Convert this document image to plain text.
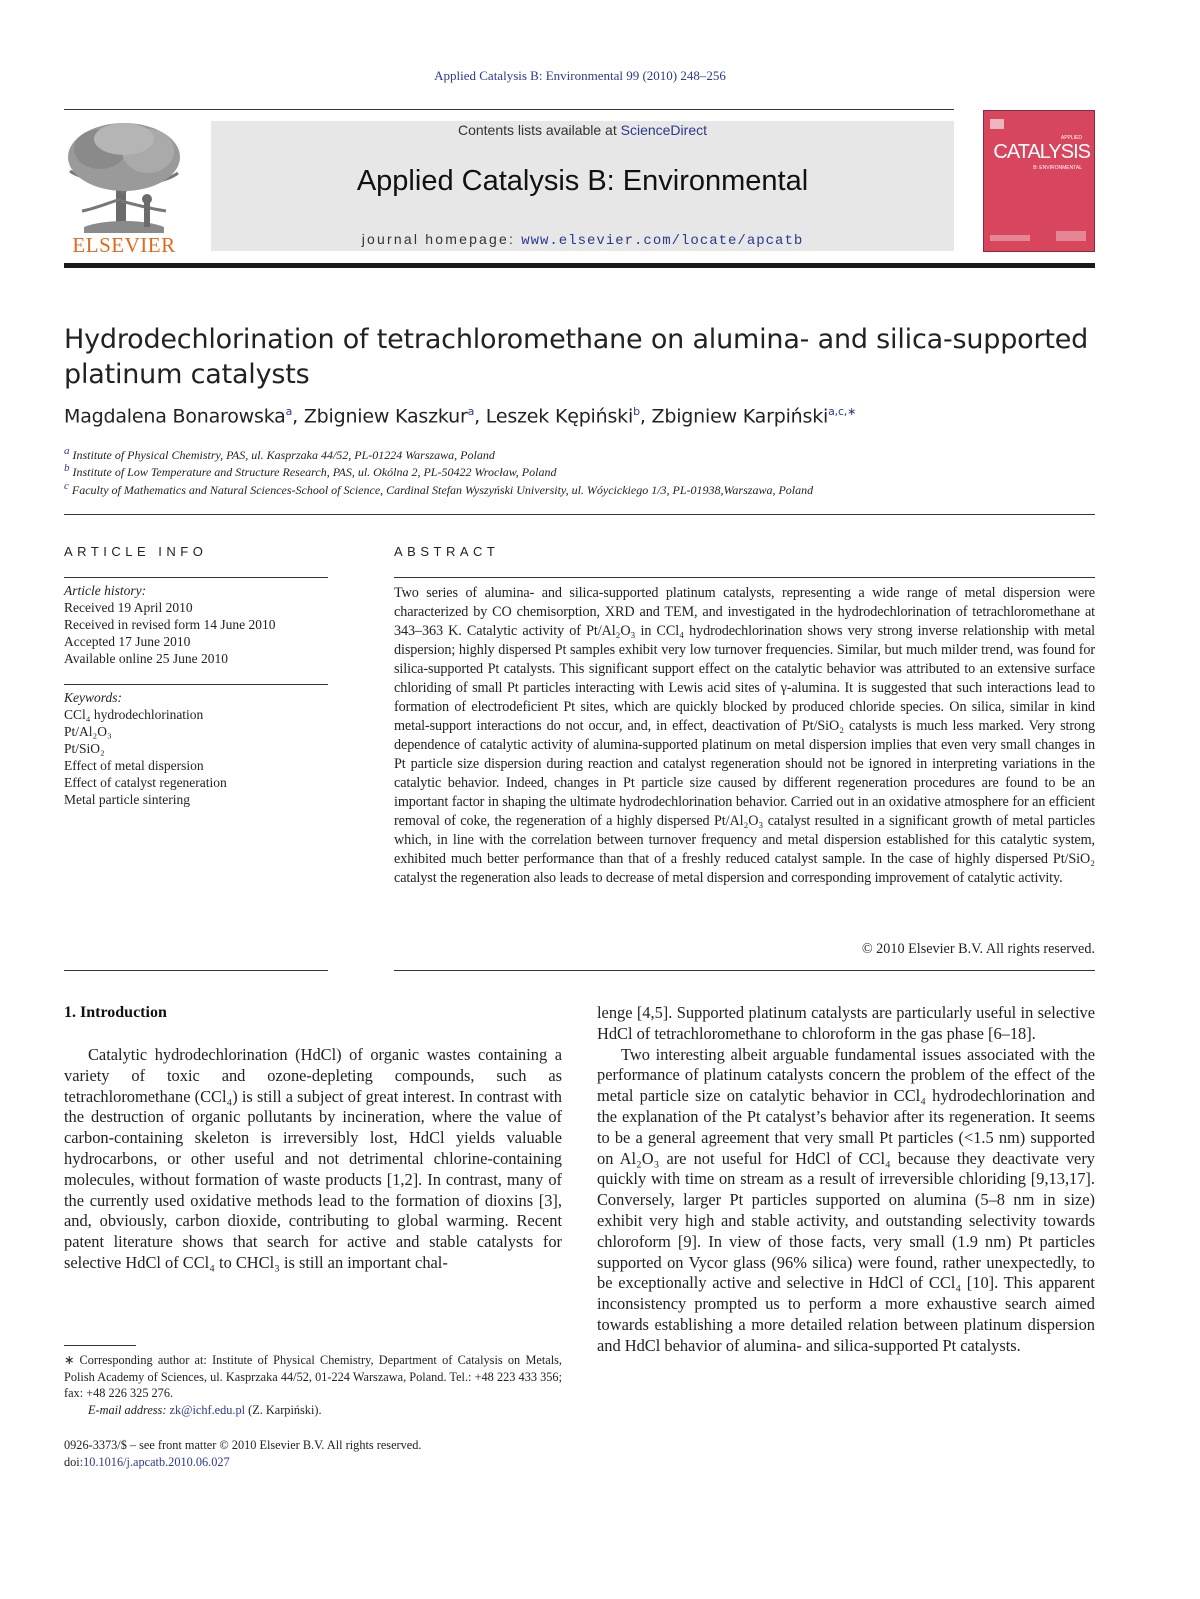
Applied Catalysis B: Environmental 99 (2010) 248–256
ELSEVIER
Contents lists available at ScienceDirect
Applied Catalysis B: Environmental
journal homepage: www.elsevier.com/locate/apcatb
APPLIED
CATALYSIS
B: ENVIRONMENTAL
Hydrodechlorination of tetrachloromethane on alumina- and silica-supported platinum catalysts
Magdalena Bonarowska$^a$, Zbigniew Kaszkur$^a$, Leszek Kępiński$^b$, Zbigniew Karpiński$^{a,c,∗}$
$^a$ Institute of Physical Chemistry, PAS, ul. Kasprzaka 44/52, PL-01224 Warszawa, Poland
$^b$ Institute of Low Temperature and Structure Research, PAS, ul. Okólna 2, PL-50422 Wrocław, Poland
$^c$ Faculty of Mathematics and Natural Sciences-School of Science, Cardinal Stefan Wyszyński University, ul. Wóycickiego 1/3, PL-01938,Warszawa, Poland
ARTICLE INFO
Article history:
Received 19 April 2010
Received in revised form 14 June 2010
Accepted 17 June 2010
Available online 25 June 2010
Keywords:
CCl₄ hydrodechlorination
Pt/Al₂O₃
Pt/SiO₂
Effect of metal dispersion
Effect of catalyst regeneration
Metal particle sintering
ABSTRACT
Two series of alumina- and silica-supported platinum catalysts, representing a wide range of metal dispersion were characterized by CO chemisorption, XRD and TEM, and investigated in the hydrodechlorination of tetrachloromethane at 343–363 K. Catalytic activity of Pt/Al₂O₃ in CCl₄ hydrodechlorination shows very strong inverse relationship with metal dispersion; highly dispersed Pt samples exhibit very low turnover frequencies. Similar, but much milder trend, was found for silica-supported Pt catalysts. This significant support effect on the catalytic behavior was attributed to an extensive surface chloriding of small Pt particles interacting with Lewis acid sites of γ-alumina. It is suggested that such interactions lead to formation of electrodeficient Pt sites, which are quickly blocked by produced chloride species. On silica, similar in kind metal-support interactions do not occur, and, in effect, deactivation of Pt/SiO₂ catalysts is much less marked. Very strong dependence of catalytic activity of alumina-supported platinum on metal dispersion implies that even very small changes in Pt particle size dispersion during reaction and catalyst regeneration should not be ignored in interpreting variations in the catalytic behavior. Indeed, changes in Pt particle size caused by different regeneration procedures are found to be an important factor in shaping the ultimate hydrodechlorination behavior. Carried out in an oxidative atmosphere for an efficient removal of coke, the regeneration of a highly dispersed Pt/Al₂O₃ catalyst resulted in a significant growth of metal particles which, in line with the correlation between turnover frequency and metal dispersion established for this catalytic system, exhibited much better performance than that of a freshly reduced catalyst sample. In the case of highly dispersed Pt/SiO₂ catalyst the regeneration also leads to decrease of metal dispersion and corresponding improvement of catalytic activity.
© 2010 Elsevier B.V. All rights reserved.
1. Introduction

Catalytic hydrodechlorination (HdCl) of organic wastes containing a variety of toxic and ozone-depleting compounds, such as tetrachloromethane (CCl₄) is still a subject of great interest. In contrast with the destruction of organic pollutants by incineration, where the value of carbon-containing skeleton is irreversibly lost, HdCl yields valuable hydrocarbons, or other useful and not detrimental chlorine-containing molecules, without formation of waste products [1,2]. In contrast, many of the currently used oxidative methods lead to the formation of dioxins [3], and, obviously, carbon dioxide, contributing to global warming. Recent patent literature shows that search for active and stable catalysts for selective HdCl of CCl₄ to CHCl₃ is still an important chal-

lenge [4,5]. Supported platinum catalysts are particularly useful in selective HdCl of tetrachloromethane to chloroform in the gas phase [6–18].

Two interesting albeit arguable fundamental issues associated with the performance of platinum catalysts concern the problem of the effect of the metal particle size on catalytic behavior in CCl₄ hydrodechlorination and the explanation of the Pt catalyst’s behavior after its regeneration. It seems to be a general agreement that very small Pt particles (<1.5 nm) supported on Al₂O₃ are not useful for HdCl of CCl₄ because they deactivate very quickly with time on stream as a result of irreversible chloriding [9,13,17]. Conversely, larger Pt particles supported on alumina (5–8 nm in size) exhibit very high and stable activity, and outstanding selectivity towards chloroform [9]. In view of those facts, very small (1.9 nm) Pt particles supported on Vycor glass (96% silica) were found, rather unexpectedly, to be exceptionally active and selective in HdCl of CCl₄ [10]. This apparent inconsistency prompted us to perform a more exhaustive search aimed towards establishing a more detailed relation between platinum dispersion and HdCl behavior of alumina- and silica-supported Pt catalysts.

∗ Corresponding author at: Institute of Physical Chemistry, Department of Catalysis on Metals, Polish Academy of Sciences, ul. Kasprzaka 44/52, 01-224 Warszawa, Poland. Tel.: +48 223 433 356; fax: +48 226 325 276.
E-mail address: zk@ichf.edu.pl (Z. Karpiński).
0926-3373/$ – see front matter © 2010 Elsevier B.V. All rights reserved.
doi:10.1016/j.apcatb.2010.06.027
